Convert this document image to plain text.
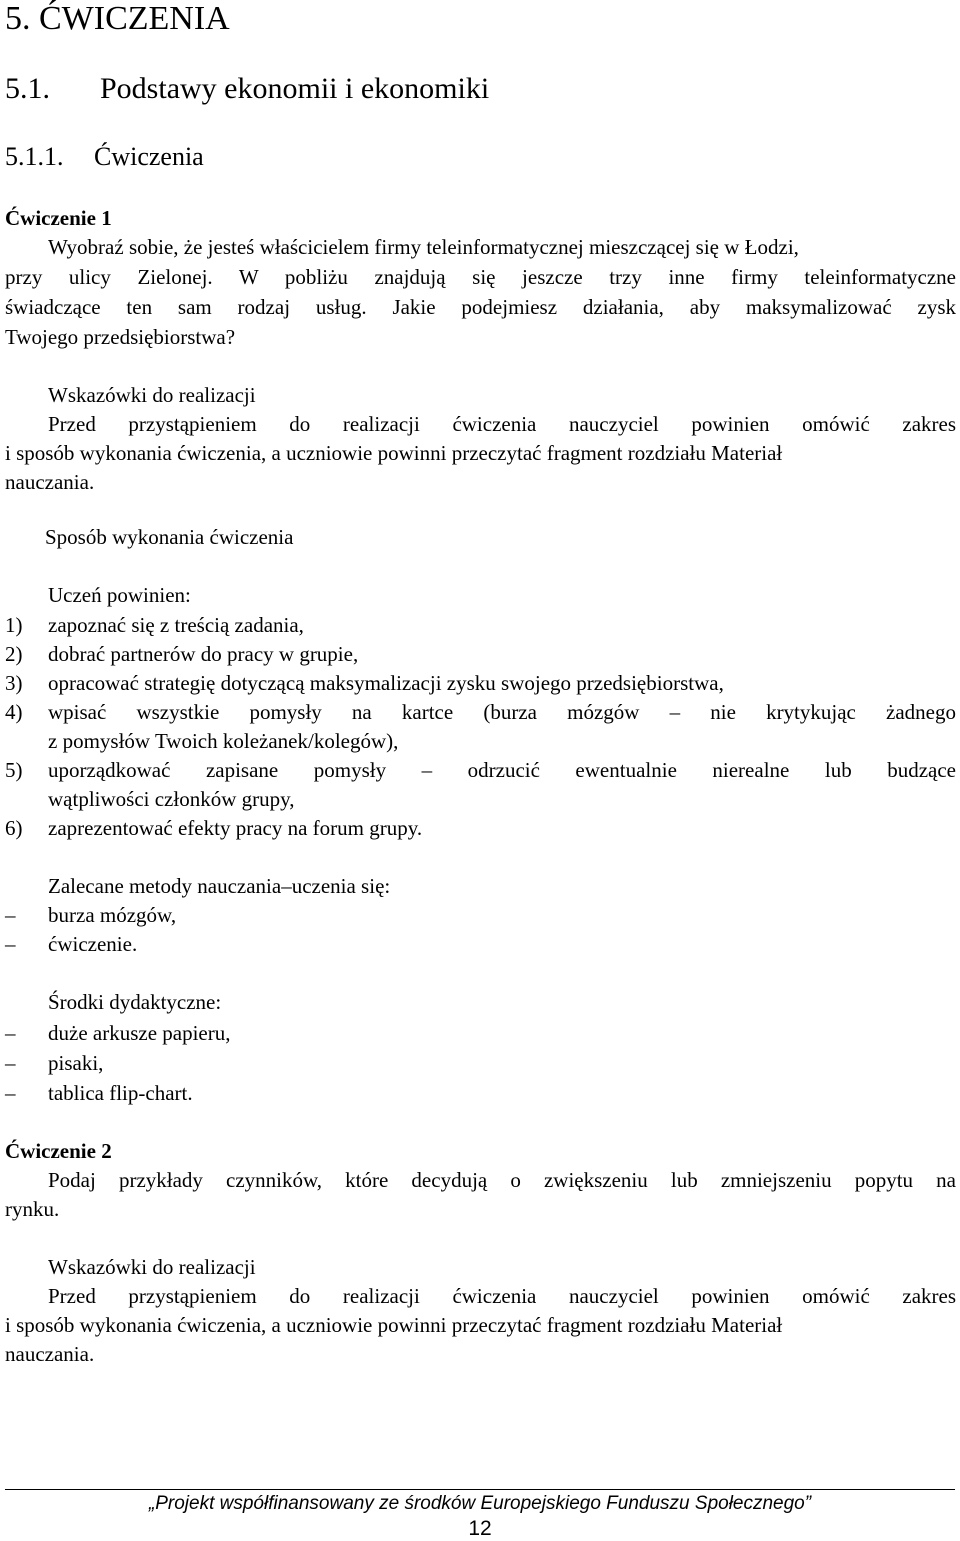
5. ĆWICZENIA
5.1. Podstawy ekonomii i ekonomiki
5.1.1. Ćwiczenia
Ćwiczenie 1
Wyobraź sobie, że jesteś właścicielem firmy teleinformatycznej mieszczącej się w Łodzi,
przy ulicy Zielonej. W pobliżu znajdują się jeszcze trzy inne firmy teleinformatyczne
świadczące ten sam rodzaj usług. Jakie podejmiesz działania, aby maksymalizować zysk
Twojego przedsiębiorstwa?
Wskazówki do realizacji
Przed przystąpieniem do realizacji ćwiczenia nauczyciel powinien omówić zakres
i sposób wykonania ćwiczenia, a uczniowie powinni przeczytać fragment rozdziału Materiał
nauczania.
Sposób wykonania ćwiczenia
Uczeń powinien:
1) zapoznać się z treścią zadania,
2) dobrać partnerów do pracy w grupie,
3) opracować strategię dotyczącą maksymalizacji zysku swojego przedsiębiorstwa,
4) wpisać wszystkie pomysły na kartce (burza mózgów – nie krytykując żadnego
z pomysłów Twoich koleżanek/kolegów),
5) uporządkować zapisane pomysły – odrzucić ewentualnie nierealne lub budzące
wątpliwości członków grupy,
6) zaprezentować efekty pracy na forum grupy.
Zalecane metody nauczania–uczenia się:
– burza mózgów,
– ćwiczenie.
Środki dydaktyczne:
– duże arkusze papieru,
– pisaki,
– tablica flip-chart.
Ćwiczenie 2
Podaj przykłady czynników, które decydują o zwiększeniu lub zmniejszeniu popytu na
rynku.
Wskazówki do realizacji
Przed przystąpieniem do realizacji ćwiczenia nauczyciel powinien omówić zakres
i sposób wykonania ćwiczenia, a uczniowie powinni przeczytać fragment rozdziału Materiał
nauczania.
„Projekt współfinansowany ze środków Europejskiego Funduszu Społecznego”
12
